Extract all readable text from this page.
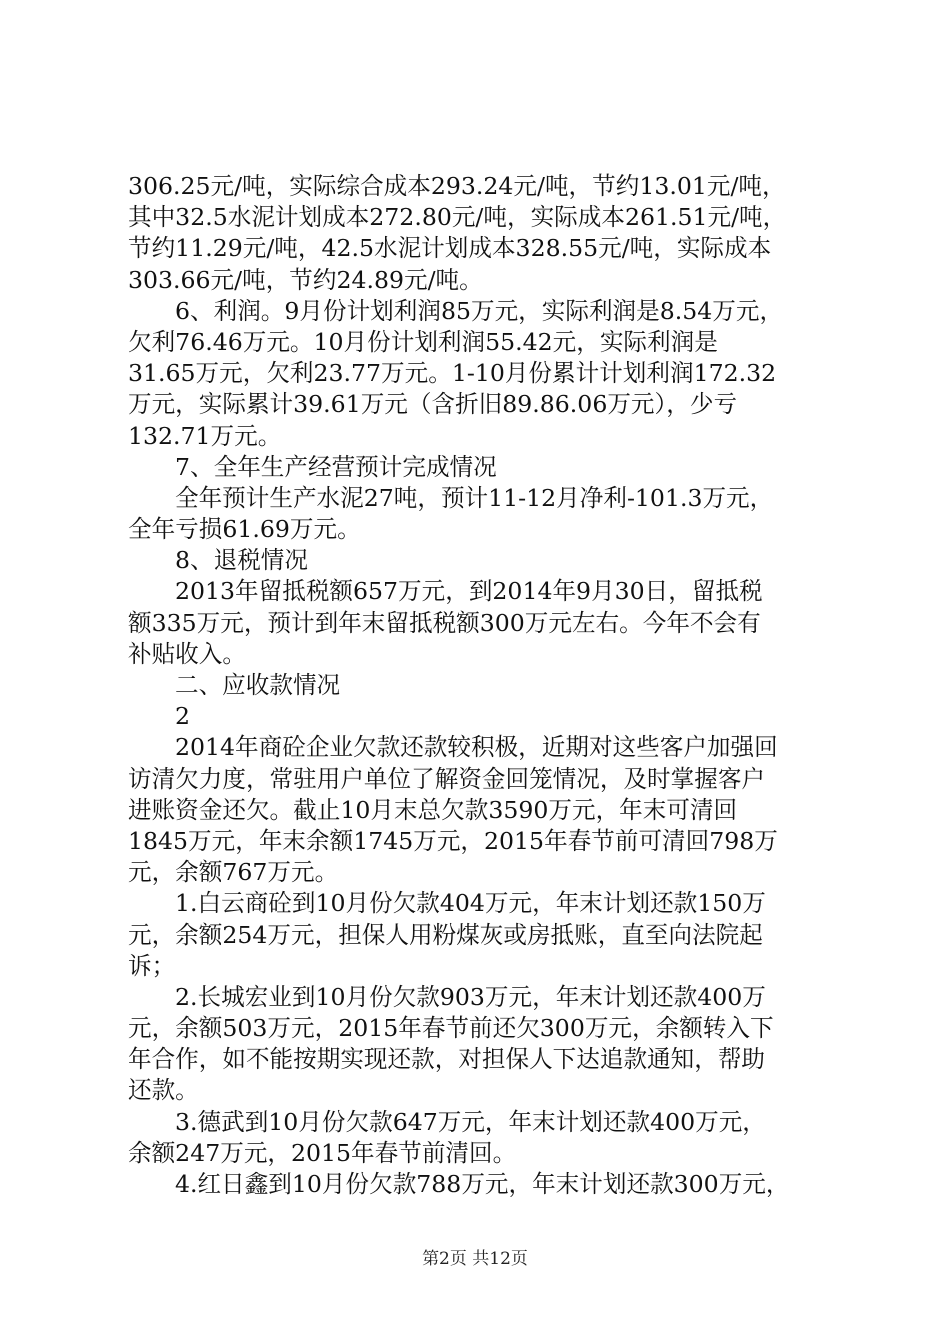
306.25元/吨，实际综合成本293.24元/吨，节约13.01元/吨，
其中32.5水泥计划成本272.80元/吨，实际成本261.51元/吨，
节约11.29元/吨，42.5水泥计划成本328.55元/吨，实际成本
303.66元/吨，节约24.89元/吨。
6、利润。9月份计划利润85万元，实际利润是8.54万元，
欠利76.46万元。10月份计划利润55.42元，实际利润是
31.65万元，欠利23.77万元。1-10月份累计计划利润172.32
万元，实际累计39.61万元（含折旧89.86.06万元），少亏
132.71万元。
7、全年生产经营预计完成情况
全年预计生产水泥27吨，预计11-12月净利-101.3万元，
全年亏损61.69万元。
8、退税情况
2013年留抵税额657万元，到2014年9月30日，留抵税
额335万元，预计到年末留抵税额300万元左右。今年不会有
补贴收入。
二、应收款情况
2
2014年商砼企业欠款还款较积极，近期对这些客户加强回
访清欠力度，常驻用户单位了解资金回笼情况，及时掌握客户
进账资金还欠。截止10月末总欠款3590万元，年末可清回
1845万元，年末余额1745万元，2015年春节前可清回798万
元，余额767万元。
1.白云商砼到10月份欠款404万元，年末计划还款150万
元，余额254万元，担保人用粉煤灰或房抵账，直至向法院起
诉；
2.长城宏业到10月份欠款903万元，年末计划还款400万
元，余额503万元，2015年春节前还欠300万元，余额转入下
年合作，如不能按期实现还款，对担保人下达追款通知，帮助
还款。
3.德武到10月份欠款647万元，年末计划还款400万元，
余额247万元，2015年春节前清回。
4.红日鑫到10月份欠款788万元，年末计划还款300万元，
第2页 共12页
